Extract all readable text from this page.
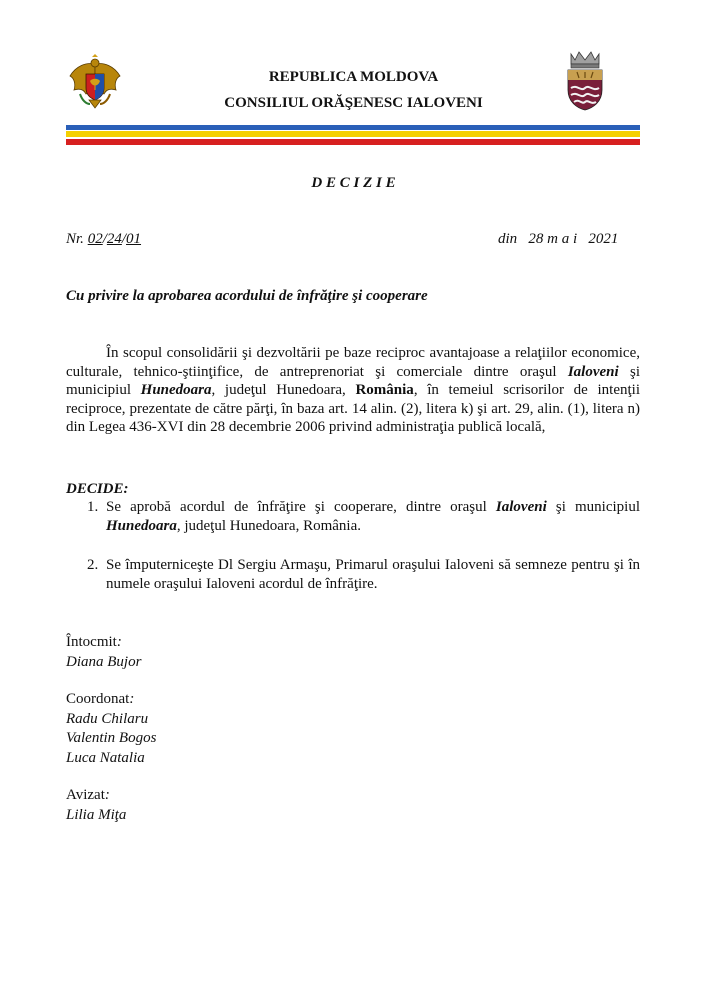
REPUBLICA MOLDOVA
CONSILIUL ORĂŞENESC IALOVENI
D E C I Z I E
Nr. 02/24/01	din 28 m a i 2021
Cu privire la aprobarea acordului de înfrăţire şi cooperare

În scopul consolidării şi dezvoltării pe baze reciproc avantajoase a relaţiilor economice, culturale, tehnico-ştiinţifice, de antreprenoriat şi comerciale dintre oraşul Ialoveni şi municipiul Hunedoara, judeţul Hunedoara, România, în temeiul scrisorilor de intenţii reciproce, prezentate de către părţi, în baza art. 14 alin. (2), litera k) şi art. 29, alin. (1), litera n) din Legea 436-XVI din 28 decembrie 2006 privind administraţia publică locală,

DECIDE:
1. Se aprobă acordul de înfrăţire şi cooperare, dintre oraşul Ialoveni şi municipiul Hunedoara, judeţul Hunedoara, România.
2. Se împuterniceşte Dl Sergiu Armaşu, Primarul oraşului Ialoveni să semneze pentru şi în numele oraşului Ialoveni acordul de înfrăţire.
Întocmit:
Diana Bujor
Coordonat:
Radu Chilaru
Valentin Bogos
Luca Natalia
Avizat:
Lilia Miţa
